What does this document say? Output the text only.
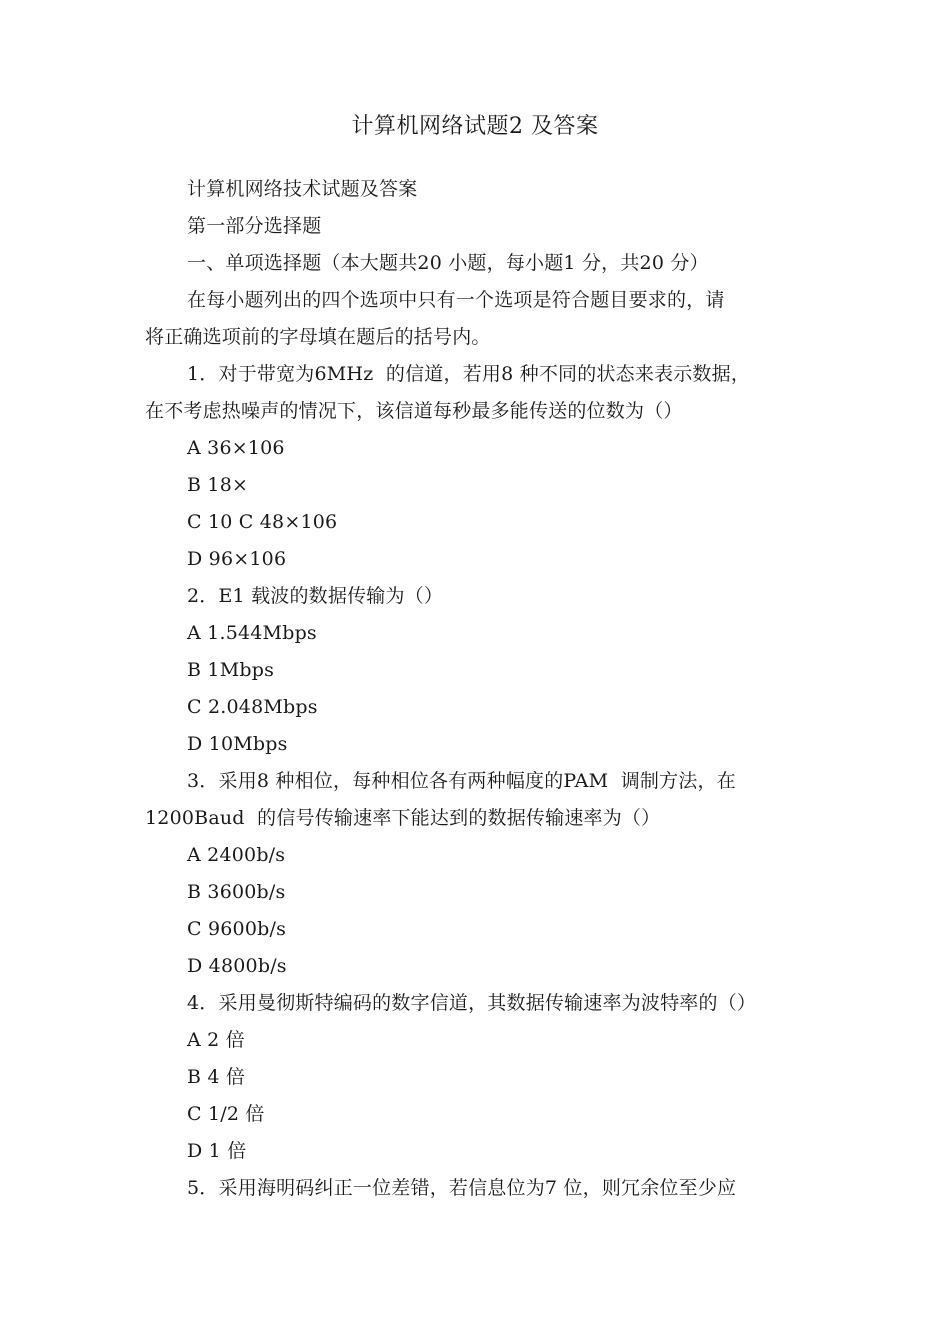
计算机网络试题2 及答案
计算机网络技术试题及答案
第一部分选择题
一、单项选择题（本大题共20 小题，每小题1 分，共20 分）
在每小题列出的四个选项中只有一个选项是符合题目要求的，请
将正确选项前的字母填在题后的括号内。
1．对于带宽为6MHz  的信道，若用8 种不同的状态来表示数据，
在不考虑热噪声的情况下，该信道每秒最多能传送的位数为（）
A 36×106
B 18×
C 10 C 48×106
D 96×106
2．E1 载波的数据传输为（）
A 1.544Mbps
B 1Mbps
C 2.048Mbps
D 10Mbps
3．采用8 种相位，每种相位各有两种幅度的PAM  调制方法，在
1200Baud  的信号传输速率下能达到的数据传输速率为（）
A 2400b/s
B 3600b/s
C 9600b/s
D 4800b/s
4．采用曼彻斯特编码的数字信道，其数据传输速率为波特率的（）
A 2 倍
B 4 倍
C 1/2 倍
D 1 倍
5．采用海明码纠正一位差错，若信息位为7 位，则冗余位至少应
